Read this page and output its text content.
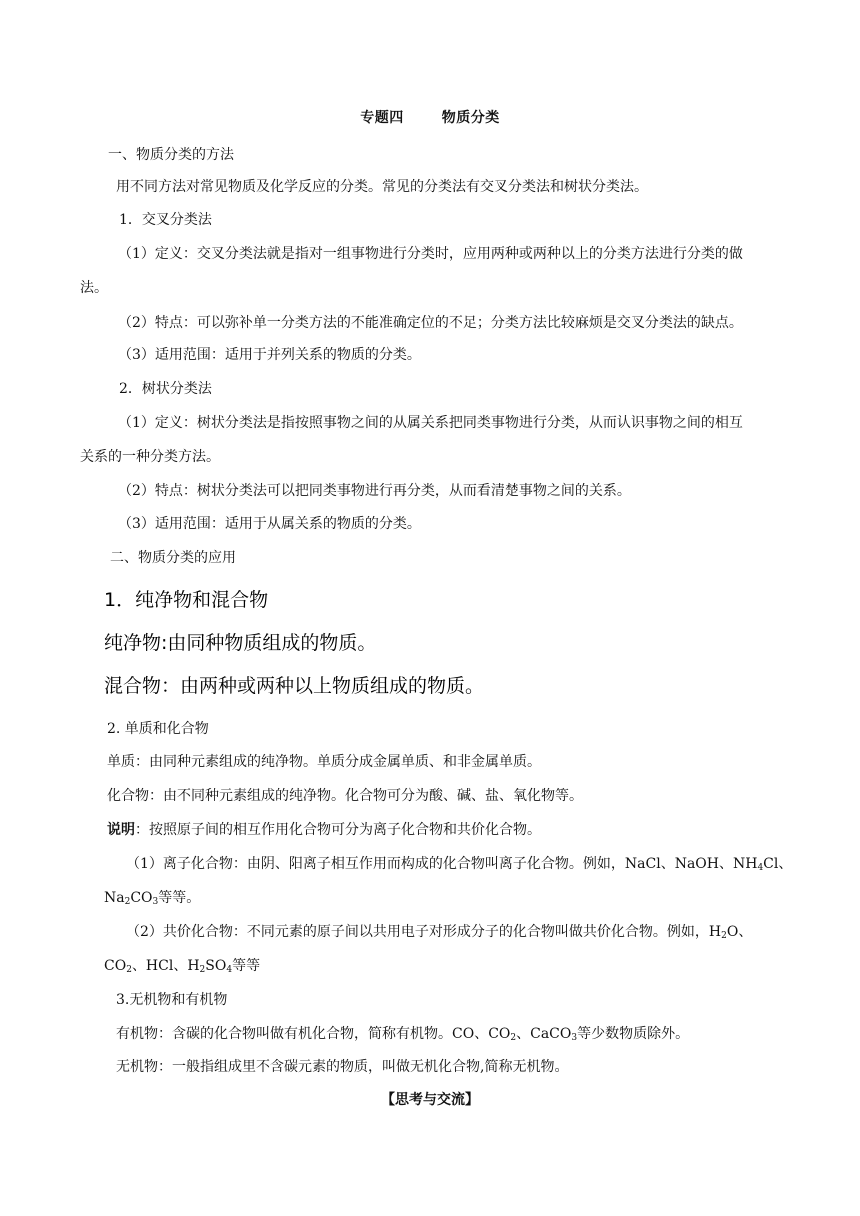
专题四	物质分类
一、物质分类的方法
用不同方法对常见物质及化学反应的分类。常见的分类法有交叉分类法和树状分类法。
1．交叉分类法
（1）定义：交叉分类法就是指对一组事物进行分类时，应用两种或两种以上的分类方法进行分类的做
法。
（2）特点：可以弥补单一分类方法的不能准确定位的不足；分类方法比较麻烦是交叉分类法的缺点。
（3）适用范围：适用于并列关系的物质的分类。
2．树状分类法
（1）定义：树状分类法是指按照事物之间的从属关系把同类事物进行分类，从而认识事物之间的相互
关系的一种分类方法。
（2）特点：树状分类法可以把同类事物进行再分类，从而看清楚事物之间的关系。
（3）适用范围：适用于从属关系的物质的分类。
二、物质分类的应用
1．纯净物和混合物
纯净物:由同种物质组成的物质。
混合物：由两种或两种以上物质组成的物质。
2. 单质和化合物
单质：由同种元素组成的纯净物。单质分成金属单质、和非金属单质。
化合物：由不同种元素组成的纯净物。化合物可分为酸、碱、盐、氧化物等。
说明：按照原子间的相互作用化合物可分为离子化合物和共价化合物。
（1）离子化合物：由阴、阳离子相互作用而构成的化合物叫离子化合物。例如，NaCl、NaOH、$NH_4Cl$、
$Na_2CO_3$等等。
（2）共价化合物：不同元素的原子间以共用电子对形成分子的化合物叫做共价化合物。例如，$H_2O$、
$CO_2$、HCl、$H_2SO_4$等等
3.无机物和有机物
有机物：含碳的化合物叫做有机化合物，简称有机物。CO、$CO_2$、CaCO$_3$等少数物质除外。
无机物：一般指组成里不含碳元素的物质，叫做无机化合物,简称无机物。
【思考与交流】
